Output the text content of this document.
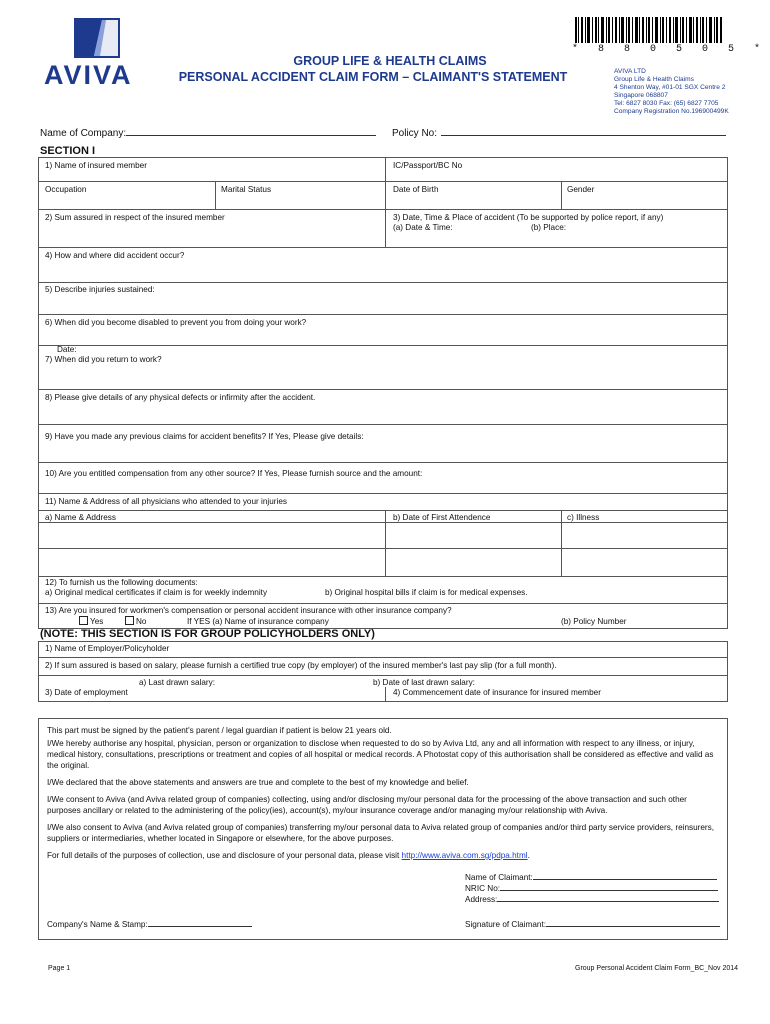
AVIVA	GROUP LIFE & HEALTH CLAIMS
PERSONAL ACCIDENT CLAIM FORM – CLAIMANT'S STATEMENT
* 8 8 0 5 0 5 *
AVIVA LTD
Group Life & Health Claims
4 Shenton Way, #01-01 SGX Centre 2
Singapore 068807
Tel: 6827 8030 Fax: (65) 6827 7705
Company Registration No.196900499K
Name of Company:	Policy No:
SECTION I
1) Name of insured member	IC/Passport/BC No
Occupation	Marital Status	Date of Birth	Gender
2) Sum assured in respect of the insured member	3) Date, Time & Place of accident (To be supported by police report, if any)
(a) Date & Time:	(b) Place:
4) How and where did accident occur?
5) Describe injuries sustained:
6) When did you become disabled to prevent you from doing your work?
Date:
7) When did you return to work?
8) Please give details of any physical defects or infirmity after the accident.
9) Have you made any previous claims for accident benefits? If Yes, Please give details:
10) Are you entitled compensation from any other source? If Yes, Please furnish source and the amount:
11) Name & Address of all physicians who attended to your injuries
a) Name & Address	b) Date of First Attendence	c) Illness
12) To furnish us the following documents:
a) Original medical certificates if claim is for weekly indemnity	b) Original hospital bills if claim is for medical expenses.
13) Are you insured for workmen's compensation or personal accident insurance with other insurance company?
Yes	No	If YES (a) Name of insurance company	(b) Policy Number
(NOTE: THIS SECTION IS FOR GROUP POLICYHOLDERS ONLY)
1) Name of Employer/Policyholder
2) If sum assured is based on salary, please furnish a certified true copy (by employer) of the insured member's last pay slip (for a full month).
a) Last drawn salary:	b) Date of last drawn salary:
3) Date of employment	4) Commencement date of insurance for insured member
This part must be signed by the patient's parent / legal guardian if patient is below 21 years old.
I/We hereby authorise any hospital, physician, person or organization to disclose when requested to do so by Aviva Ltd, any and all information with respect to any illness, or injury, medical history, consultations, prescriptions or treatment and copies of all hospital or medical records. A Photostat copy of this authorisation shall be considered as effective and valid as the original.
I/We declared that the above statements and answers are true and complete to the best of my knowledge and belief.
I/We consent to Aviva (and Aviva related group of companies) collecting, using and/or disclosing my/our personal data for the processing of the above transaction and such other purposes ancillary or related to the administering of the policy(ies), account(s), my/our insurance coverage and/or managing my/our relationship with Aviva.
I/We also consent to Aviva (and Aviva related group of companies) transferring my/our personal data to Aviva related group of companies and/or third party service providers, reinsurers, suppliers or intermediaries, whether located in Singapore or elsewhere, for the above purposes.
For full details of the purposes of collection, use and disclosure of your personal data, please visit http://www.aviva.com.sg/pdpa.html.
Name of Claimant:
NRIC No:
Address:
Company's Name & Stamp:	Signature of Claimant:
Page 1	Group Personal Accident Claim Form_BC_Nov 2014
